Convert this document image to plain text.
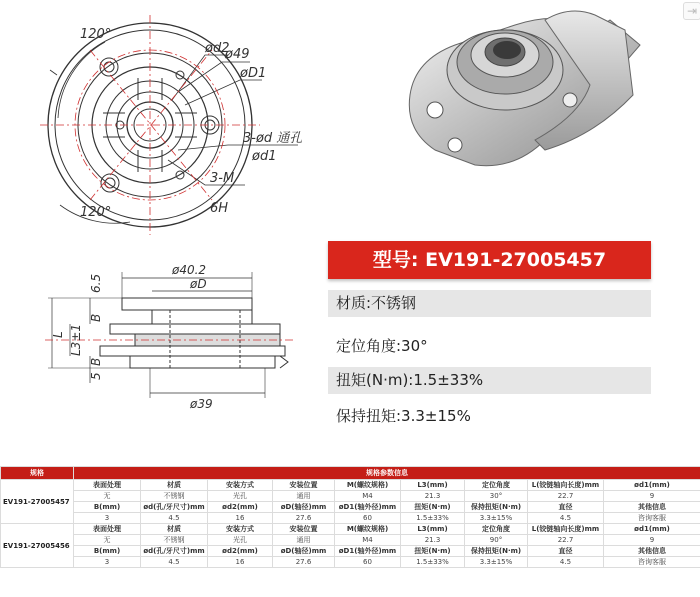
⇥
120°
120°
ød2
ø49
øD1
3-ød 通孔
ød1
3-M
6H
ø40.2
øD
ø39
6.5
B
L3±1
L
5
B
型号: EV191-27005457
材质:不锈钢
定位角度:30°
扭矩(N·m):1.5±33%
保持扭矩:3.3±15%
规格	规格参数信息								
EV191-27005457	表面处理	材质	安装方式	安装位置	M(螺纹规格)	L3(mm)	定位角度	L(铰链轴向长度)mm	ød1(mm)
	无	不锈钢	光孔	通用	M4	21.3	30°	22.7	9
	B(mm)	ød(孔/牙尺寸)mm	ød2(mm)	øD(轴径)mm	øD1(轴外径)mm	扭矩(N·m)	保持扭矩(N·m)	直径	其他信息
	3	4.5	16	27.6	60	1.5±33%	3.3±15%	4.5	咨询客服
EV191-27005456	表面处理	材质	安装方式	安装位置	M(螺纹规格)	L3(mm)	定位角度	L(铰链轴向长度)mm	ød1(mm)
	无	不锈钢	光孔	通用	M4	21.3	90°	22.7	9
	B(mm)	ød(孔/牙尺寸)mm	ød2(mm)	øD(轴径)mm	øD1(轴外径)mm	扭矩(N·m)	保持扭矩(N·m)	直径	其他信息
	3	4.5	16	27.6	60	1.5±33%	3.3±15%	4.5	咨询客服
